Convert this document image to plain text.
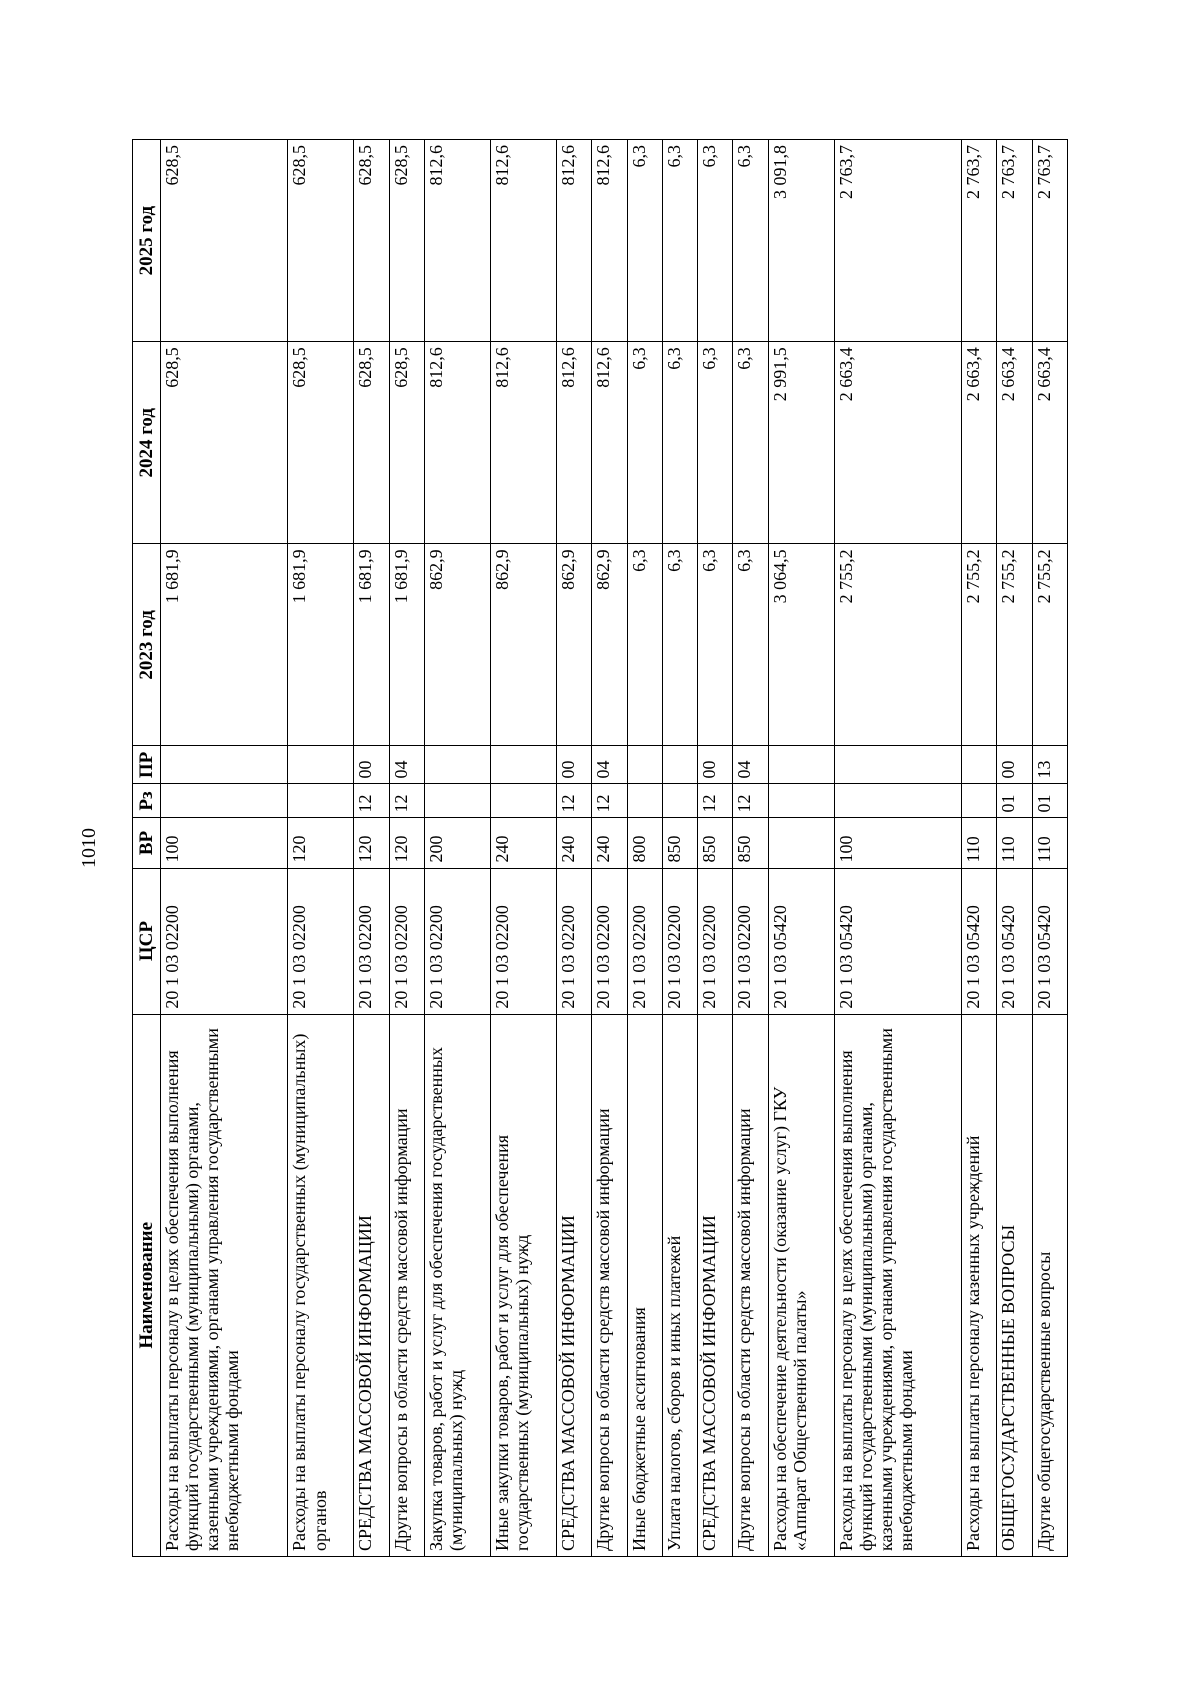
1010
Наименование	ЦСР	ВР	Рз	ПР	2023 год	2024 год	2025 год
Расходы на выплаты персоналу в целях обеспечения выполнения функций государственными (муниципальными) органами, казенными учреждениями, органами управления государственными внебюджетными фондами	20 1 03 02200	100			1 681,9	628,5	628,5
Расходы на выплаты персоналу государственных (муниципальных) органов	20 1 03 02200	120			1 681,9	628,5	628,5
СРЕДСТВА МАССОВОЙ ИНФОРМАЦИИ	20 1 03 02200	120	12	00	1 681,9	628,5	628,5
Другие вопросы в области средств массовой информации	20 1 03 02200	120	12	04	1 681,9	628,5	628,5
Закупка товаров, работ и услуг для обеспечения государственных (муниципальных) нужд	20 1 03 02200	200			862,9	812,6	812,6
Иные закупки товаров, работ и услуг для обеспечения государственных (муниципальных) нужд	20 1 03 02200	240			862,9	812,6	812,6
СРЕДСТВА МАССОВОЙ ИНФОРМАЦИИ	20 1 03 02200	240	12	00	862,9	812,6	812,6
Другие вопросы в области средств массовой информации	20 1 03 02200	240	12	04	862,9	812,6	812,6
Иные бюджетные ассигнования	20 1 03 02200	800			6,3	6,3	6,3
Уплата налогов, сборов и иных платежей	20 1 03 02200	850			6,3	6,3	6,3
СРЕДСТВА МАССОВОЙ ИНФОРМАЦИИ	20 1 03 02200	850	12	00	6,3	6,3	6,3
Другие вопросы в области средств массовой информации	20 1 03 02200	850	12	04	6,3	6,3	6,3
Расходы на обеспечение деятельности (оказание услуг) ГКУ «Аппарат Общественной палаты»	20 1 03 05420				3 064,5	2 991,5	3 091,8
Расходы на выплаты персоналу в целях обеспечения выполнения функций государственными (муниципальными) органами, казенными учреждениями, органами управления государственными внебюджетными фондами	20 1 03 05420	100			2 755,2	2 663,4	2 763,7
Расходы на выплаты персоналу казенных учреждений	20 1 03 05420	110			2 755,2	2 663,4	2 763,7
ОБЩЕГОСУДАРСТВЕННЫЕ ВОПРОСЫ	20 1 03 05420	110	01	00	2 755,2	2 663,4	2 763,7
Другие общегосударственные вопросы	20 1 03 05420	110	01	13	2 755,2	2 663,4	2 763,7
